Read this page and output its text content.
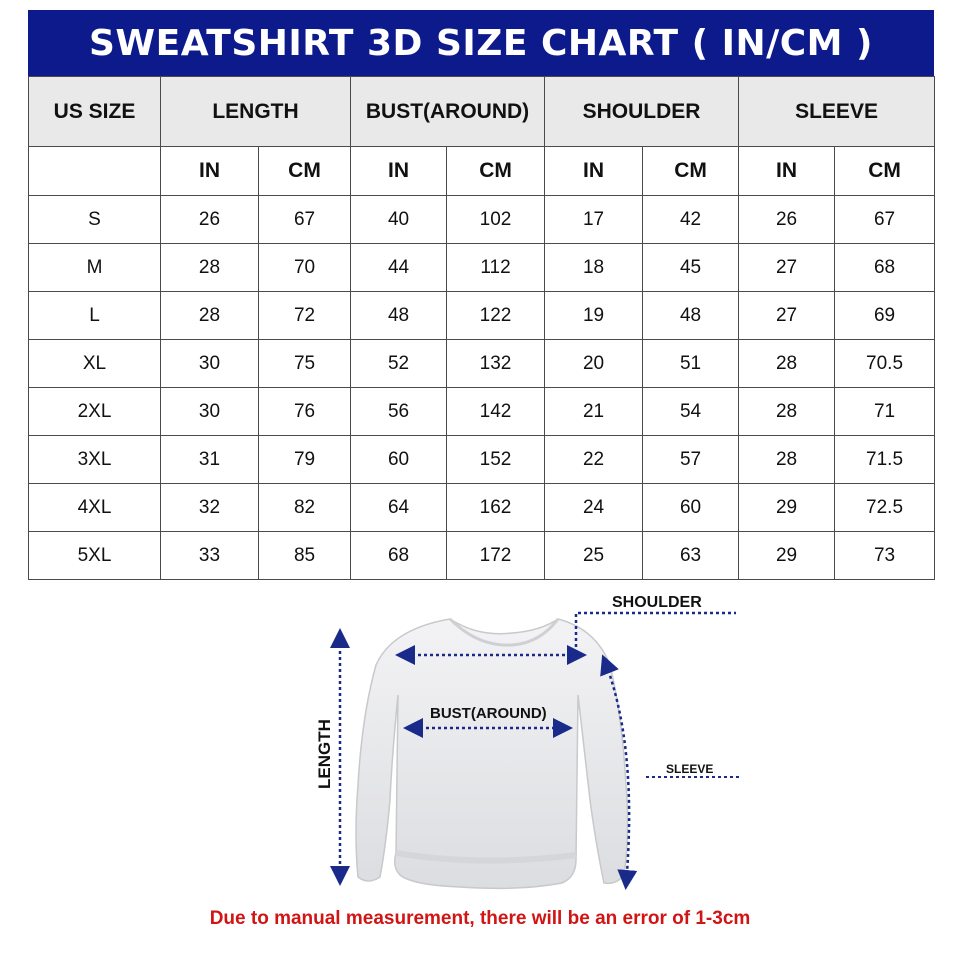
SWEATSHIRT 3D SIZE CHART ( IN/CM )
US SIZE	LENGTH		BUST(AROUND)		SHOULDER		SLEEVE	
	IN	CM	IN	CM	IN	CM	IN	CM
S	26	67	40	102	17	42	26	67
M	28	70	44	112	18	45	27	68
L	28	72	48	122	19	48	27	69
XL	30	75	52	132	20	51	28	70.5
2XL	30	76	56	142	21	54	28	71
3XL	31	79	60	152	22	57	28	71.5
4XL	32	82	64	162	24	60	29	72.5
5XL	33	85	68	172	25	63	29	73
SHOULDER
BUST(AROUND)
LENGTH	SLEEVE
Due to manual measurement, there will be an error of 1-3cm
